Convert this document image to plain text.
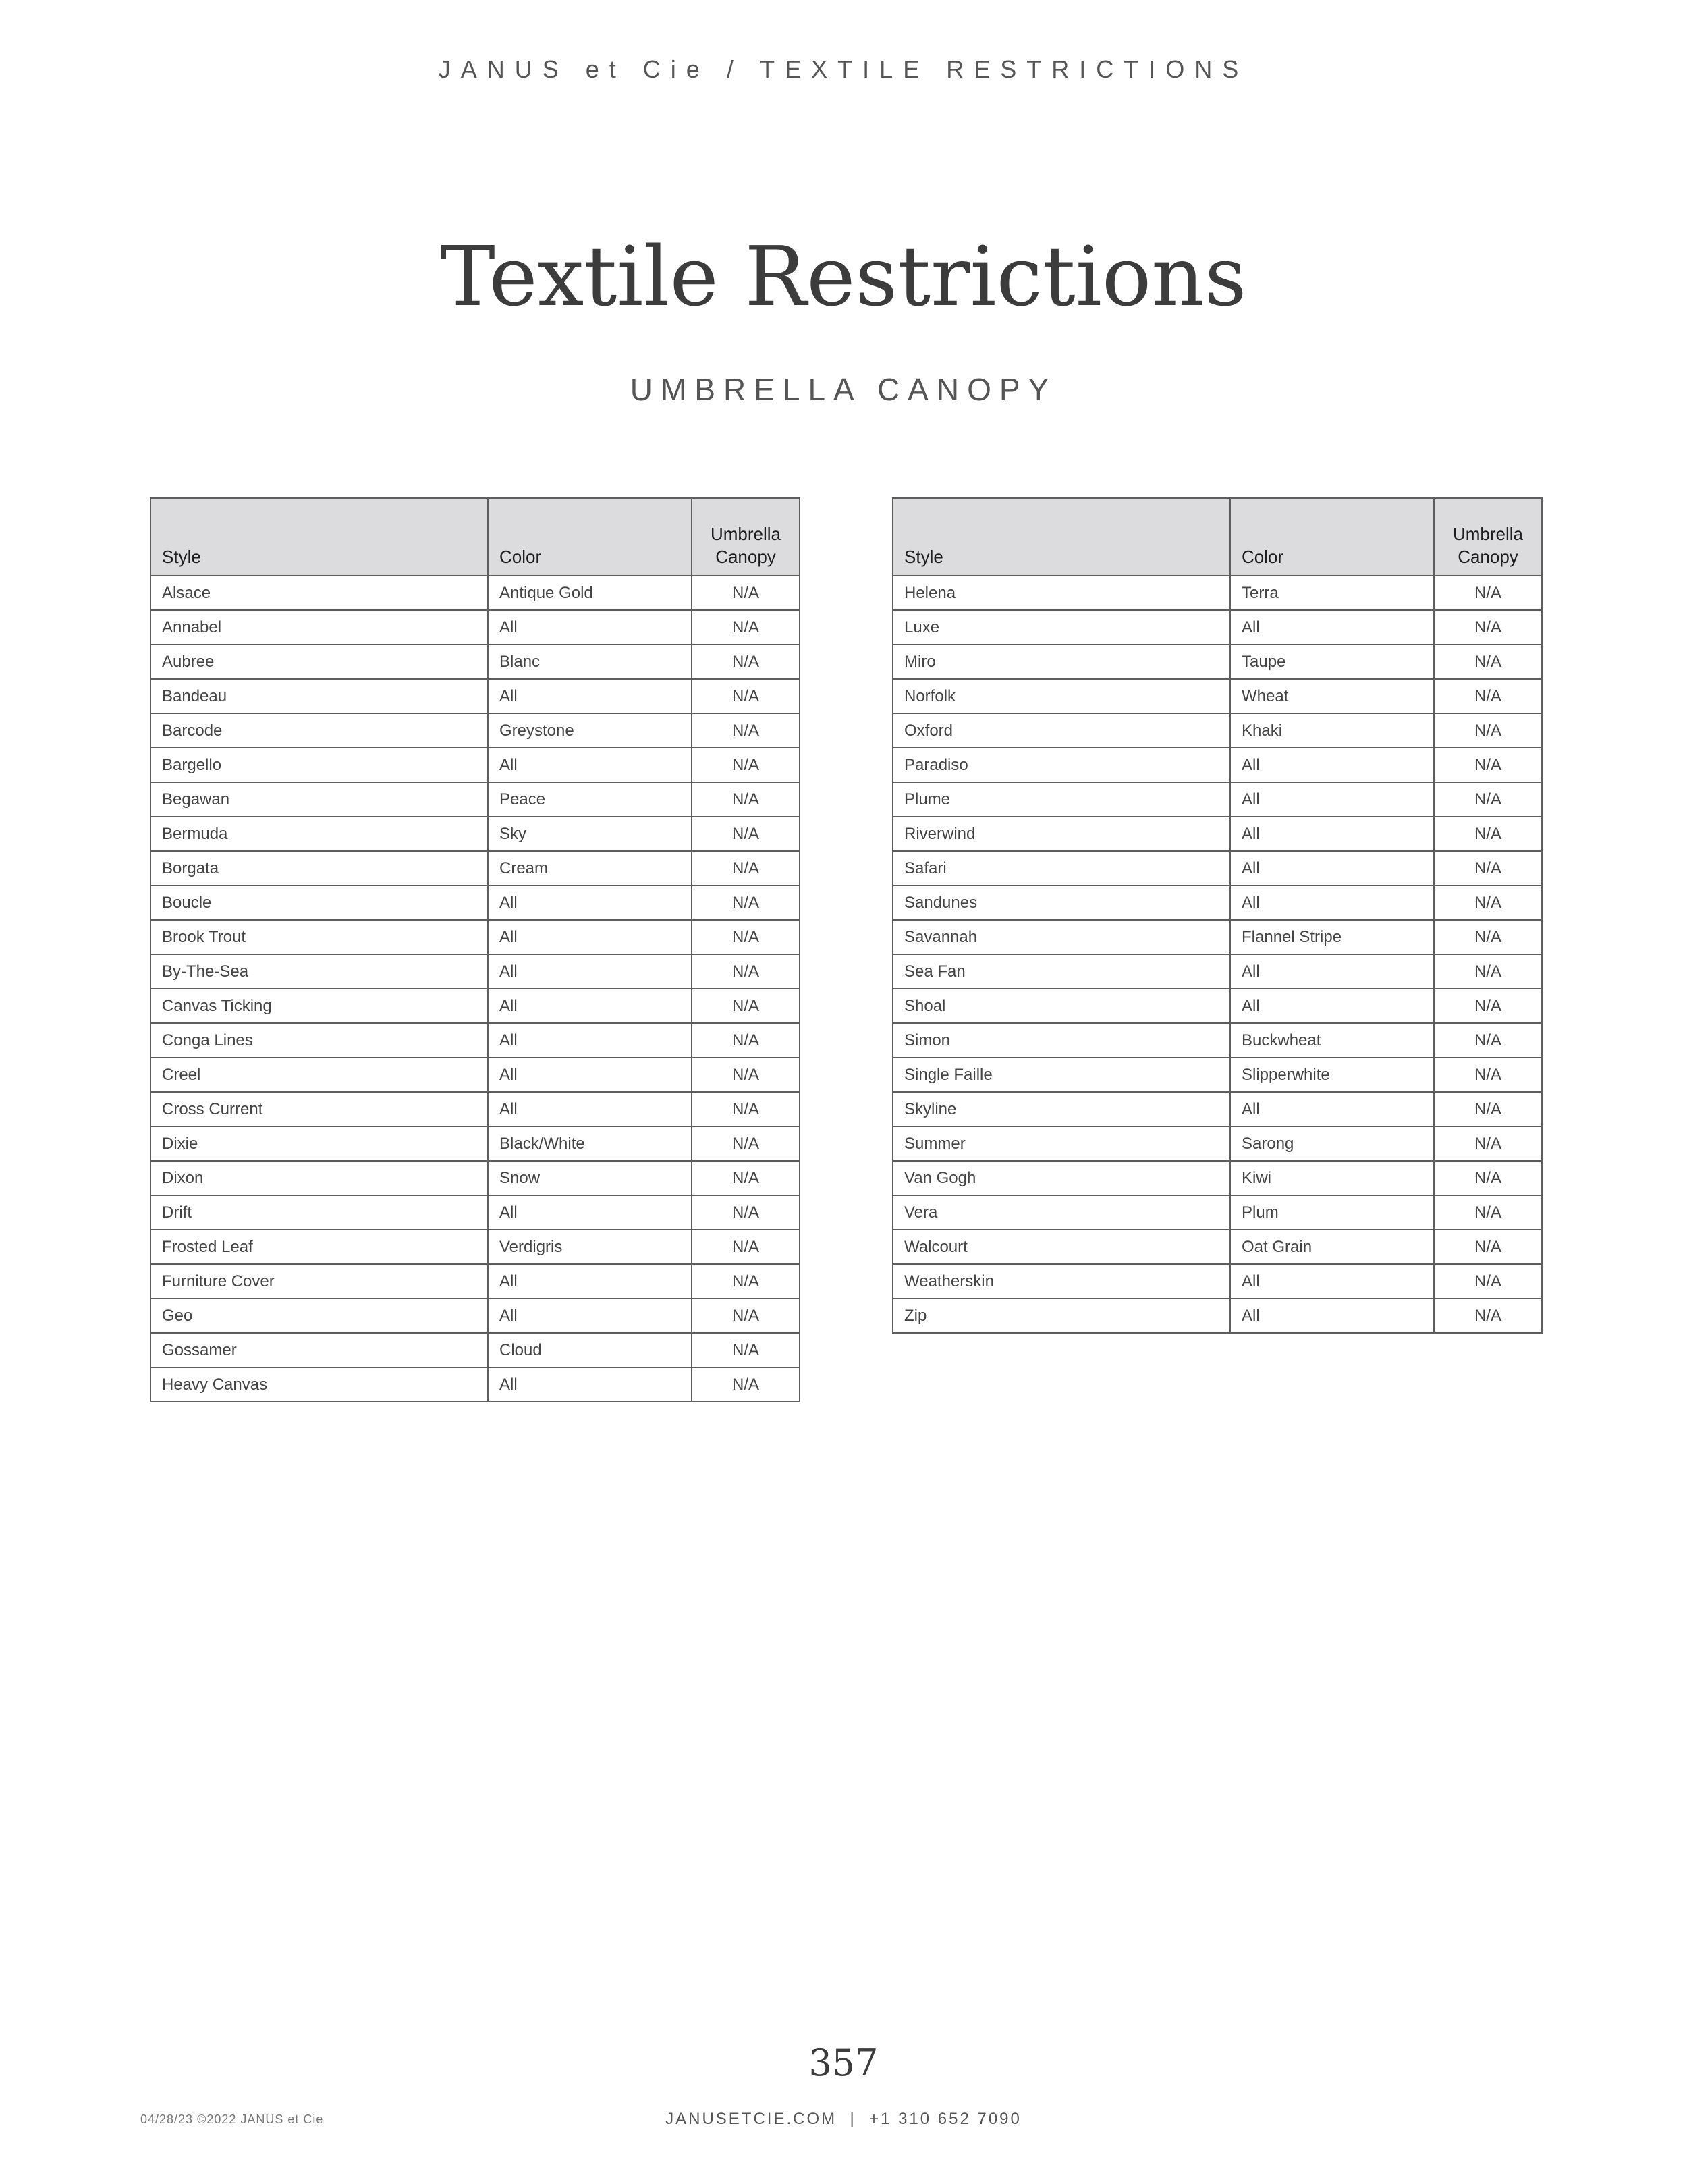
JANUS et Cie / TEXTILE RESTRICTIONS
Textile Restrictions
UMBRELLA CANOPY
Style	Color	Umbrella Canopy
Alsace	Antique Gold	N/A
Annabel	All	N/A
Aubree	Blanc	N/A
Bandeau	All	N/A
Barcode	Greystone	N/A
Bargello	All	N/A
Begawan	Peace	N/A
Bermuda	Sky	N/A
Borgata	Cream	N/A
Boucle	All	N/A
Brook Trout	All	N/A
By-The-Sea	All	N/A
Canvas Ticking	All	N/A
Conga Lines	All	N/A
Creel	All	N/A
Cross Current	All	N/A
Dixie	Black/White	N/A
Dixon	Snow	N/A
Drift	All	N/A
Frosted Leaf	Verdigris	N/A
Furniture Cover	All	N/A
Geo	All	N/A
Gossamer	Cloud	N/A
Heavy Canvas	All	N/A
Style	Color	Umbrella Canopy
Helena	Terra	N/A
Luxe	All	N/A
Miro	Taupe	N/A
Norfolk	Wheat	N/A
Oxford	Khaki	N/A
Paradiso	All	N/A
Plume	All	N/A
Riverwind	All	N/A
Safari	All	N/A
Sandunes	All	N/A
Savannah	Flannel Stripe	N/A
Sea Fan	All	N/A
Shoal	All	N/A
Simon	Buckwheat	N/A
Single Faille	Slipperwhite	N/A
Skyline	All	N/A
Summer	Sarong	N/A
Van Gogh	Kiwi	N/A
Vera	Plum	N/A
Walcourt	Oat Grain	N/A
Weatherskin	All	N/A
Zip	All	N/A
357
04/28/23 ©2022 JANUS et Cie	JANUSETCIE.COM  |  +1 310 652 7090
